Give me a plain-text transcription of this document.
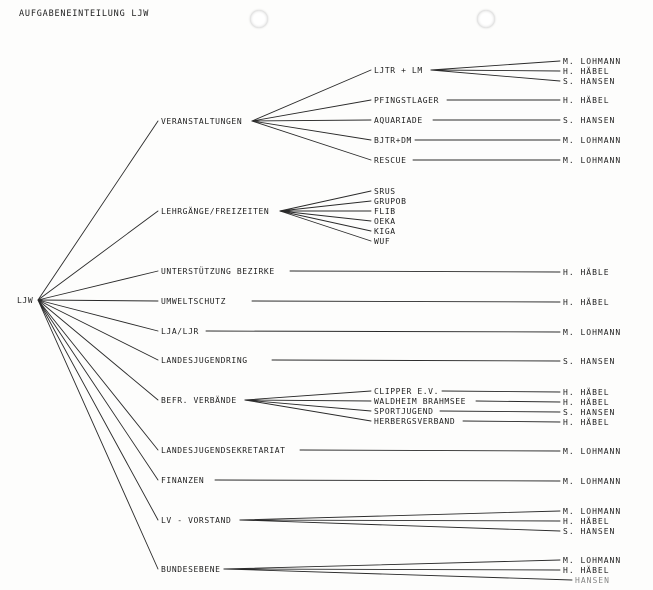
AUFGABENEINTEILUNG LJW
LJW
VERANSTALTUNGEN
LJTR + LM
M. LOHMANN
H. HÄBEL
S. HANSEN
PFINGSTLAGER	H. HÄBEL
AQUARIADE	S. HANSEN
BJTR+DM	M. LOHMANN
RESCUE	M. LOHMANN
LEHRGÄNGE/FREIZEITEN
SRUS
GRUPOB
FLIB
OEKA
KIGA
WUF
UNTERSTÜTZUNG BEZIRKE	H. HÄBLE
UMWELTSCHUTZ	H. HÄBEL
LJA/LJR	M. LOHMANN
LANDESJUGENDRING	S. HANSEN
BEFR. VERBÄNDE
CLIPPER E.V.	H. HÄBEL
WALDHEIM BRAHMSEE	H. HÄBEL
SPORTJUGEND	S. HANSEN
HERBERGSVERBAND	H. HÄBEL
LANDESJUGENDSEKRETARIAT	M. LOHMANN
FINANZEN	M. LOHMANN
LV - VORSTAND
M. LOHMANN
H. HÄBEL
S. HANSEN
BUNDESEBENE
M. LOHMANN
H. HÄBEL
HANSEN
